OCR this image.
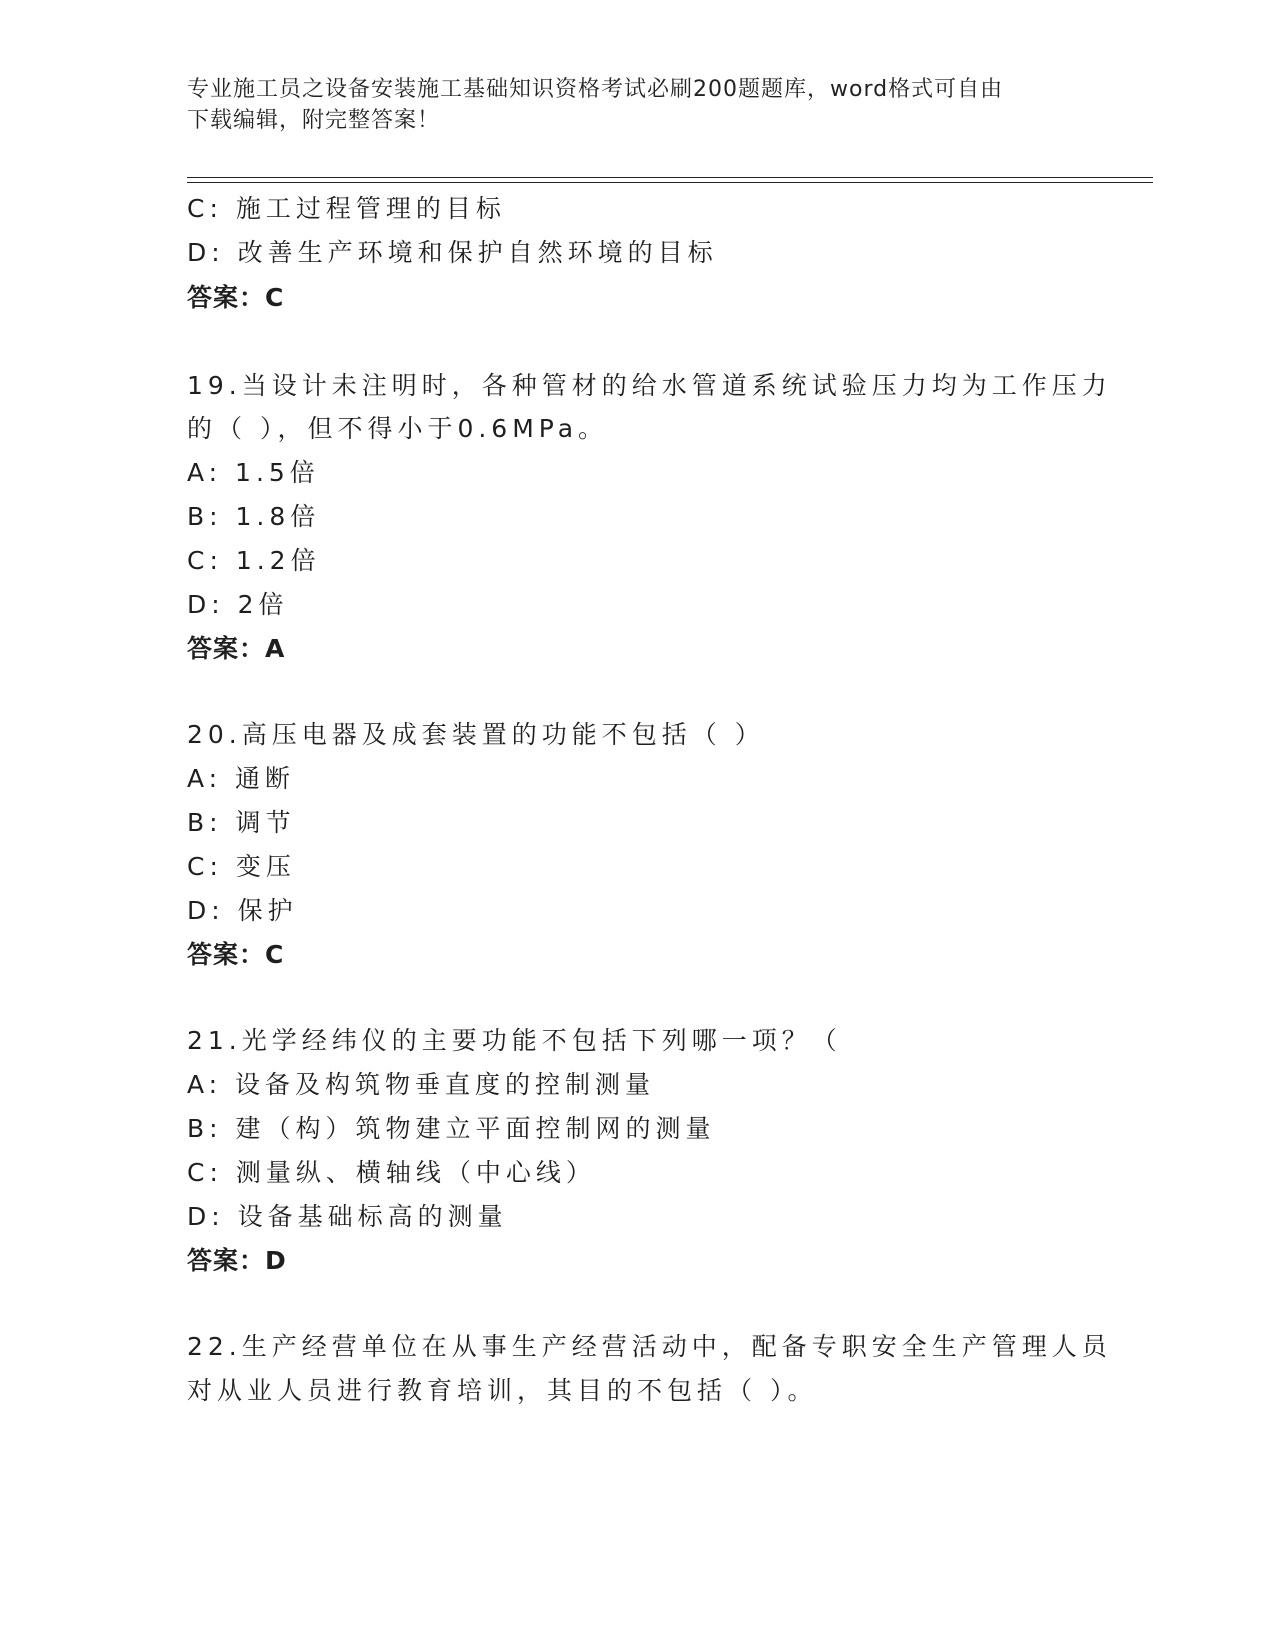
专业施工员之设备安装施工基础知识资格考试必刷200题题库，word格式可自由
下载编辑，附完整答案！
C: 施工过程管理的目标
D: 改善生产环境和保护自然环境的目标
答案：C
19.当设计未注明时，各种管材的给水管道系统试验压力均为工作压力
的（ ），但不得小于0.6MPa。
A: 1.5倍
B: 1.8倍
C: 1.2倍
D: 2倍
答案：A
20.高压电器及成套装置的功能不包括（ ）
A: 通断
B: 调节
C: 变压
D: 保护
答案：C
21.光学经纬仪的主要功能不包括下列哪一项？（
A: 设备及构筑物垂直度的控制测量
B: 建（构）筑物建立平面控制网的测量
C: 测量纵、横轴线（中心线）
D: 设备基础标高的测量
答案：D
22.生产经营单位在从事生产经营活动中，配备专职安全生产管理人员
对从业人员进行教育培训，其目的不包括（ ）。
